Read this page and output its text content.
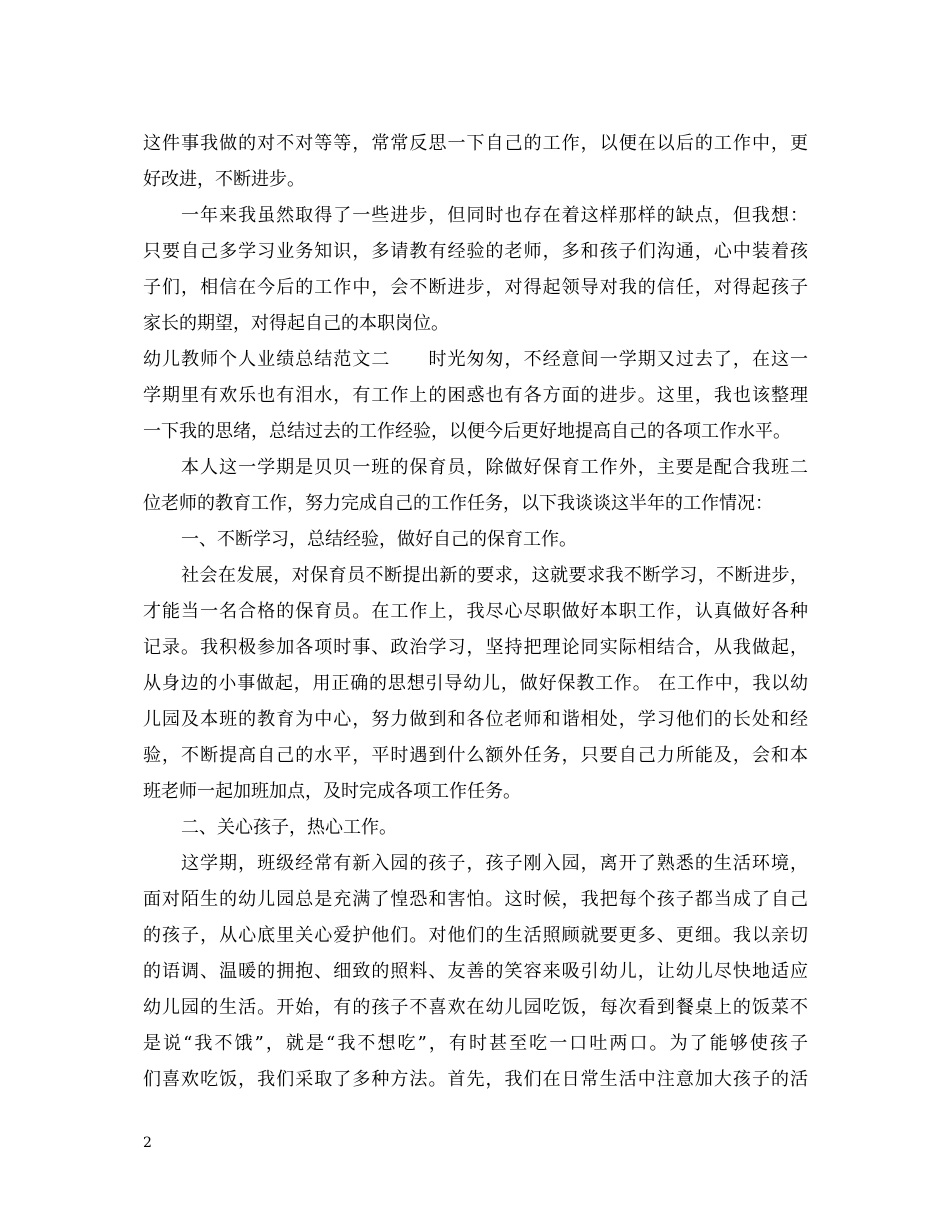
这件事我做的对不对等等，常常反思一下自己的工作，以便在以后的工作中，更
好改进，不断进步。
一年来我虽然取得了一些进步，但同时也存在着这样那样的缺点，但我想：
只要自己多学习业务知识，多请教有经验的老师，多和孩子们沟通，心中装着孩
子们，相信在今后的工作中，会不断进步，对得起领导对我的信任，对得起孩子
家长的期望，对得起自己的本职岗位。
幼儿教师个人业绩总结范文二　　时光匆匆，不经意间一学期又过去了，在这一
学期里有欢乐也有泪水，有工作上的困惑也有各方面的进步。这里，我也该整理
一下我的思绪，总结过去的工作经验，以便今后更好地提高自己的各项工作水平。
本人这一学期是贝贝一班的保育员，除做好保育工作外，主要是配合我班二
位老师的教育工作，努力完成自己的工作任务，以下我谈谈这半年的工作情况：
一、不断学习，总结经验，做好自己的保育工作。
社会在发展，对保育员不断提出新的要求，这就要求我不断学习，不断进步，
才能当一名合格的保育员。在工作上，我尽心尽职做好本职工作，认真做好各种
记录。我积极参加各项时事、政治学习，坚持把理论同实际相结合，从我做起，
从身边的小事做起，用正确的思想引导幼儿，做好保教工作。 在工作中，我以幼
儿园及本班的教育为中心，努力做到和各位老师和谐相处，学习他们的长处和经
验，不断提高自己的水平，平时遇到什么额外任务，只要自己力所能及，会和本
班老师一起加班加点，及时完成各项工作任务。
二、关心孩子，热心工作。
这学期，班级经常有新入园的孩子，孩子刚入园，离开了熟悉的生活环境，
面对陌生的幼儿园总是充满了惶恐和害怕。这时候，我把每个孩子都当成了自己
的孩子，从心底里关心爱护他们。对他们的生活照顾就要更多、更细。我以亲切
的语调、温暖的拥抱、细致的照料、友善的笑容来吸引幼儿，让幼儿尽快地适应
幼儿园的生活。开始，有的孩子不喜欢在幼儿园吃饭，每次看到餐桌上的饭菜不
是说“我不饿”，就是“我不想吃”，有时甚至吃一口吐两口。为了能够使孩子
们喜欢吃饭，我们采取了多种方法。首先，我们在日常生活中注意加大孩子的活
2
